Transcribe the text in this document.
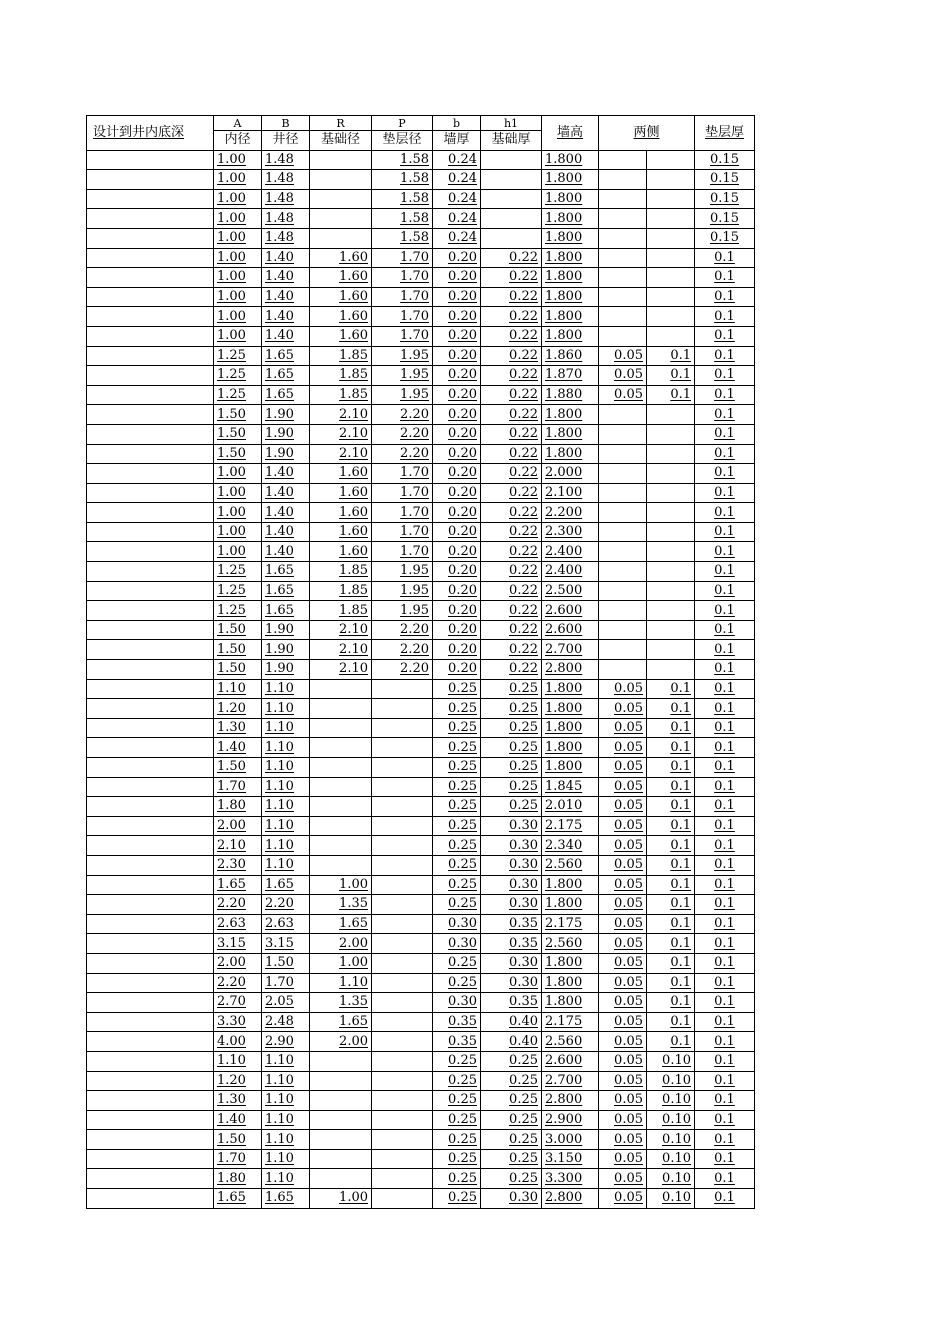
设计到井内底深	A	B	R	P	b	h1	墙高	两侧		垫层厚
	内径	井径	基础径	垫层径	墙厚	基础厚				
	1.00	1.48		1.58	0.24		1.800			0.15
	1.00	1.48		1.58	0.24		1.800			0.15
	1.00	1.48		1.58	0.24		1.800			0.15
	1.00	1.48		1.58	0.24		1.800			0.15
	1.00	1.48		1.58	0.24		1.800			0.15
	1.00	1.40	1.60	1.70	0.20	0.22	1.800			0.1
	1.00	1.40	1.60	1.70	0.20	0.22	1.800			0.1
	1.00	1.40	1.60	1.70	0.20	0.22	1.800			0.1
	1.00	1.40	1.60	1.70	0.20	0.22	1.800			0.1
	1.00	1.40	1.60	1.70	0.20	0.22	1.800			0.1
	1.25	1.65	1.85	1.95	0.20	0.22	1.860	0.05	0.1	0.1
	1.25	1.65	1.85	1.95	0.20	0.22	1.870	0.05	0.1	0.1
	1.25	1.65	1.85	1.95	0.20	0.22	1.880	0.05	0.1	0.1
	1.50	1.90	2.10	2.20	0.20	0.22	1.800			0.1
	1.50	1.90	2.10	2.20	0.20	0.22	1.800			0.1
	1.50	1.90	2.10	2.20	0.20	0.22	1.800			0.1
	1.00	1.40	1.60	1.70	0.20	0.22	2.000			0.1
	1.00	1.40	1.60	1.70	0.20	0.22	2.100			0.1
	1.00	1.40	1.60	1.70	0.20	0.22	2.200			0.1
	1.00	1.40	1.60	1.70	0.20	0.22	2.300			0.1
	1.00	1.40	1.60	1.70	0.20	0.22	2.400			0.1
	1.25	1.65	1.85	1.95	0.20	0.22	2.400			0.1
	1.25	1.65	1.85	1.95	0.20	0.22	2.500			0.1
	1.25	1.65	1.85	1.95	0.20	0.22	2.600			0.1
	1.50	1.90	2.10	2.20	0.20	0.22	2.600			0.1
	1.50	1.90	2.10	2.20	0.20	0.22	2.700			0.1
	1.50	1.90	2.10	2.20	0.20	0.22	2.800			0.1
	1.10	1.10			0.25	0.25	1.800	0.05	0.1	0.1
	1.20	1.10			0.25	0.25	1.800	0.05	0.1	0.1
	1.30	1.10			0.25	0.25	1.800	0.05	0.1	0.1
	1.40	1.10			0.25	0.25	1.800	0.05	0.1	0.1
	1.50	1.10			0.25	0.25	1.800	0.05	0.1	0.1
	1.70	1.10			0.25	0.25	1.845	0.05	0.1	0.1
	1.80	1.10			0.25	0.25	2.010	0.05	0.1	0.1
	2.00	1.10			0.25	0.30	2.175	0.05	0.1	0.1
	2.10	1.10			0.25	0.30	2.340	0.05	0.1	0.1
	2.30	1.10			0.25	0.30	2.560	0.05	0.1	0.1
	1.65	1.65	1.00		0.25	0.30	1.800	0.05	0.1	0.1
	2.20	2.20	1.35		0.25	0.30	1.800	0.05	0.1	0.1
	2.63	2.63	1.65		0.30	0.35	2.175	0.05	0.1	0.1
	3.15	3.15	2.00		0.30	0.35	2.560	0.05	0.1	0.1
	2.00	1.50	1.00		0.25	0.30	1.800	0.05	0.1	0.1
	2.20	1.70	1.10		0.25	0.30	1.800	0.05	0.1	0.1
	2.70	2.05	1.35		0.30	0.35	1.800	0.05	0.1	0.1
	3.30	2.48	1.65		0.35	0.40	2.175	0.05	0.1	0.1
	4.00	2.90	2.00		0.35	0.40	2.560	0.05	0.1	0.1
	1.10	1.10			0.25	0.25	2.600	0.05	0.10	0.1
	1.20	1.10			0.25	0.25	2.700	0.05	0.10	0.1
	1.30	1.10			0.25	0.25	2.800	0.05	0.10	0.1
	1.40	1.10			0.25	0.25	2.900	0.05	0.10	0.1
	1.50	1.10			0.25	0.25	3.000	0.05	0.10	0.1
	1.70	1.10			0.25	0.25	3.150	0.05	0.10	0.1
	1.80	1.10			0.25	0.25	3.300	0.05	0.10	0.1
	1.65	1.65	1.00		0.25	0.30	2.800	0.05	0.10	0.1
